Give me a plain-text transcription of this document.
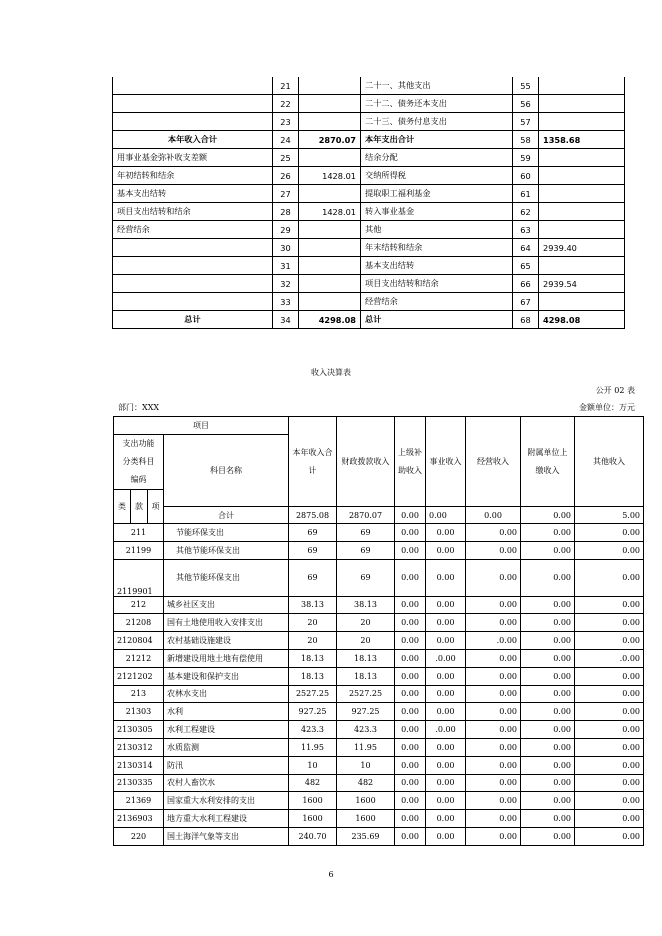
	21		二十一、其他支出	55	
	22		二十二、债务还本支出	56	
	23		二十三、债务付息支出	57	
本年收入合计	24	2870.07	本年支出合计	58	1358.68
用事业基金弥补收支差额	25		结余分配	59	
年初结转和结余	26	1428.01	交纳所得税	60	
基本支出结转	27		提取职工福利基金	61	
项目支出结转和结余	28	1428.01	转入事业基金	62	
经营结余	29		其他	63	
	30		年末结转和结余	64	2939.40
	31		基本支出结转	65	
	32		项目支出结转和结余	66	2939.54
	33		经营结余	67	
总计	34	4298.08	总计	68	4298.08
收入决算表
公开 02 表
部门：XXX	金额单位：万元
项目				本年收入合计	财政拨款收入	上级补助收入	事业收入	经营收入	附属单位上缴收入	其他收入	
支出功能分类科目编码			科目名称								
类	款	项								
			合计	2875.08	2870.07	0.00	0.00	0.00	0.00	5.00	
211			节能环保支出	69	69	0.00	0.00	0.00	0.00	0.00	
21199			其他节能环保支出	69	69	0.00	0.00	0.00	0.00	0.00	
2119901			其他节能环保支出	69	69	0.00	0.00	0.00	0.00	0.00	
212			城乡社区支出	38.13	38.13	0.00	0.00	0.00	0.00	0.00	
21208			国有土地使用收入安排支出	20	20	0.00	0.00	0.00	0.00	0.00	
2120804			农村基础设施建设	20	20	0.00	0.00	.0.00	0.00	0.00	
21212			新增建设用地土地有偿使用	18.13	18.13	0.00	.0.00	0.00	0.00	.0.00	
2121202			基本建设和保护支出	18.13	18.13	0.00	0.00	0.00	0.00	0.00	
213			农林水支出	2527.25	2527.25	0.00	0.00	0.00	0.00	0.00	
21303			水利	927.25	927.25	0.00	0.00	0.00	0.00	0.00	
2130305			水利工程建设	423.3	423.3	0.00	.0.00	0.00	0.00	0.00	
2130312			水质监测	11.95	11.95	0.00	0.00	0.00	0.00	0.00	
2130314			防汛	10	10	0.00	0.00	0.00	0.00	0.00	
2130335			农村人畜饮水	482	482	0.00	0.00	0.00	0.00	0.00	
21369			国家重大水利安排的支出	1600	1600	0.00	0.00	0.00	0.00	0.00	
2136903			地方重大水利工程建设	1600	1600	0.00	0.00	0.00	0.00	0.00	
220			国土海洋气象等支出	240.70	235.69	0.00	0.00	0.00	0.00	0.00	
6
